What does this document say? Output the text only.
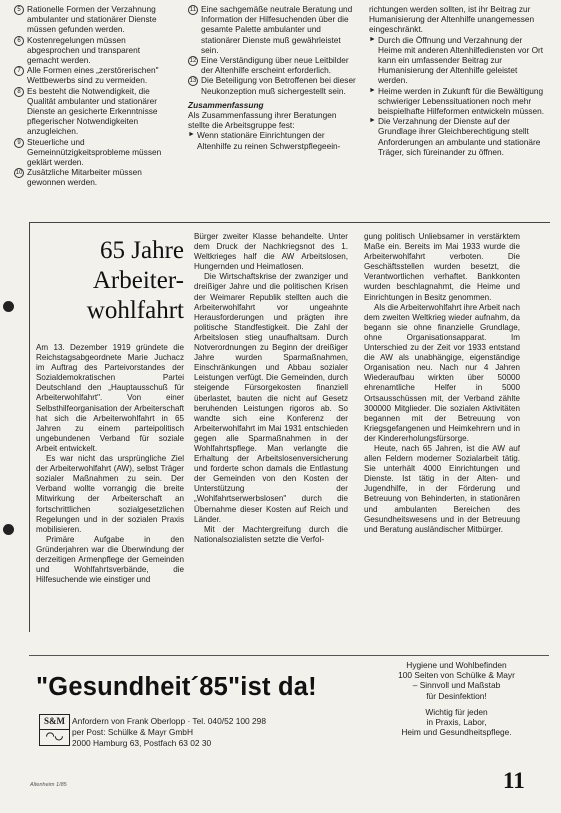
5 Rationelle Formen der Verzahnung ambulanter und stationärer Dienste müssen gefunden werden.
6 Kostenregelungen müssen abgesprochen und transparent gemacht werden.
7 Alle Formen eines „zerstörerischen" Wettbewerbs sind zu vermeiden.
8 Es besteht die Notwendigkeit, die Qualität ambulanter und stationärer Dienste an gesicherte Erkenntnisse pflegerischer Notwendigkeiten anzugleichen.
9 Steuerliche und Gemeinnützigkeitsprobleme müssen geklärt werden.
10 Zusätzliche Mitarbeiter müssen gewonnen werden.
11 Eine sachgemäße neutrale Beratung und Information der Hilfesuchenden über die gesamte Palette ambulanter und stationärer Dienste muß gewährleistet sein.
12 Eine Verständigung über neue Leitbilder der Altenhilfe erscheint erforderlich.
13 Die Beteiligung von Betroffenen bei dieser Neukonzeption muß sichergestellt sein.
Zusammenfassung

Als Zusammenfassung ihrer Beratungen stellte die Arbeitsgruppe fest:

► Wenn stationäre Einrichtungen der Altenhilfe zu reinen Schwerstpflegeein-

richtungen werden sollten, ist ihr Beitrag zur Humanisierung der Altenhilfe unangemessen eingeschränkt.

► Durch die Öffnung und Verzahnung der Heime mit anderen Altenhilfediensten vor Ort kann ein umfassender Beitrag zur Humanisierung der Altenhilfe geleistet werden.
► Heime werden in Zukunft für die Bewältigung schwieriger Lebenssituationen noch mehr beispielhafte Hilfeformen entwickeln müssen.
► Die Verzahnung der Dienste auf der Grundlage ihrer Gleichberechtigung stellt Anforderungen an ambulante und stationäre Träger, sich füreinander zu öffnen.
65 Jahre
Arbeiter-
wohlfahrt

Am 13. Dezember 1919 gründete die Reichstagsabgeordnete Marie Juchacz im Auftrag des Parteivorstandes der Sozialdemokratischen Partei Deutschland den „Hauptausschuß für Arbeiterwohlfahrt". Von einer Selbsthilfeorganisation der Arbeiterschaft hat sich die Arbeiterwohlfahrt in 65 Jahren zu einem parteipolitisch ungebundenen Verband für soziale Arbeit entwickelt.

Es war nicht das ursprüngliche Ziel der Arbeiterwohlfahrt (AW), selbst Träger sozialer Maßnahmen zu sein. Der Verband wollte vorrangig die breite Mitwirkung der Arbeiterschaft an fortschrittlichen sozialgesetzlichen Regelungen und in der sozialen Praxis mobilisieren.

Primäre Aufgabe in den Gründerjahren war die Überwindung der derzeitigen Armenpflege der Gemeinden und Wohlfahrtsverbände, die Hilfesuchende wie einstiger und

Bürger zweiter Klasse behandelte. Unter dem Druck der Nachkriegsnot des 1. Weltkrieges half die AW Arbeitslosen, Hungernden und Heimatlosen.

Die Wirtschaftskrise der zwanziger und dreißiger Jahre und die politischen Krisen der Weimarer Republik stellten auch die Arbeiterwohlfahrt vor ungeahnte Herausforderungen und prägten ihre politische Standfestigkeit. Die Zahl der Arbeitslosen stieg unaufhaltsam. Durch Notverordnungen zu Beginn der dreißiger Jahre wurden Sparmaßnahmen, Einschränkungen und Abbau sozialer Leistungen verfügt. Die Gemeinden, durch steigende Fürsorgekosten finanziell überlastet, bauten die nicht auf Gesetz beruhenden Leistungen rigoros ab. So wandte sich eine Konferenz der Arbeiterwohlfahrt im Mai 1931 entschieden gegen alle Sparmaßnahmen in der Wohlfahrtspflege. Man verlangte die Erhaltung der Arbeitslosenversicherung und forderte schon damals die Entlastung der Gemeinden von den Kosten der Unterstützung der „Wohlfahrtserwerbslosen" durch die Übernahme dieser Kosten auf Reich und Länder.

Mit der Machtergreifung durch die Nationalsozialisten setzte die Verfol-

gung politisch Unliebsamer in verstärktem Maße ein. Bereits im Mai 1933 wurde die Arbeiterwohlfahrt verboten. Die Geschäftsstellen wurden besetzt, die Verantwortlichen verhaftet. Bankkonten wurden beschlagnahmt, die Heime und Einrichtungen in Besitz genommen.

Als die Arbeiterwohlfahrt ihre Arbeit nach dem zweiten Weltkrieg wieder aufnahm, da begann sie ohne finanzielle Grundlage, ohne Organisationsapparat. Im Unterschied zu der Zeit vor 1933 entstand die AW als unabhängige, eigenständige Organisation neu. Nach nur 4 Jahren Wiederaufbau wirkten über 50000 ehrenamtliche Helfer in 5000 Ortsausschüssen mit, der Verband zählte 300000 Mitglieder. Die sozialen Aktivitäten begannen mit der Betreuung von Kriegsgefangenen und Heimkehrern und in der Kindererholungsfürsorge.

Heute, nach 65 Jahren, ist die AW auf allen Feldern moderner Sozialarbeit tätig. Sie unterhält 4000 Einrichtungen und Dienste. Ist tätig in der Alten- und Jugendhilfe, in der Förderung und Betreuung von Behinderten, in stationären und ambulanten Bereichen des Gesundheitswesens und in der Betreuung und Beratung ausländischer Mitbürger.

"Gesundheit´85"ist da!
Hygiene und Wohlbefinden
100 Seiten von Schülke & Mayr
– Sinnvoll und Maßstab
für Desinfektion!
Wichtig für jeden
in Praxis, Labor,
Heim und Gesundheitspflege.
S&M
◠◡
Anfordern von Frank Oberlopp · Tel. 040/52 100 298
per Post: Schülke & Mayr GmbH
2000 Hamburg 63, Postfach 63 02 30
Altenheim 1/85	11
